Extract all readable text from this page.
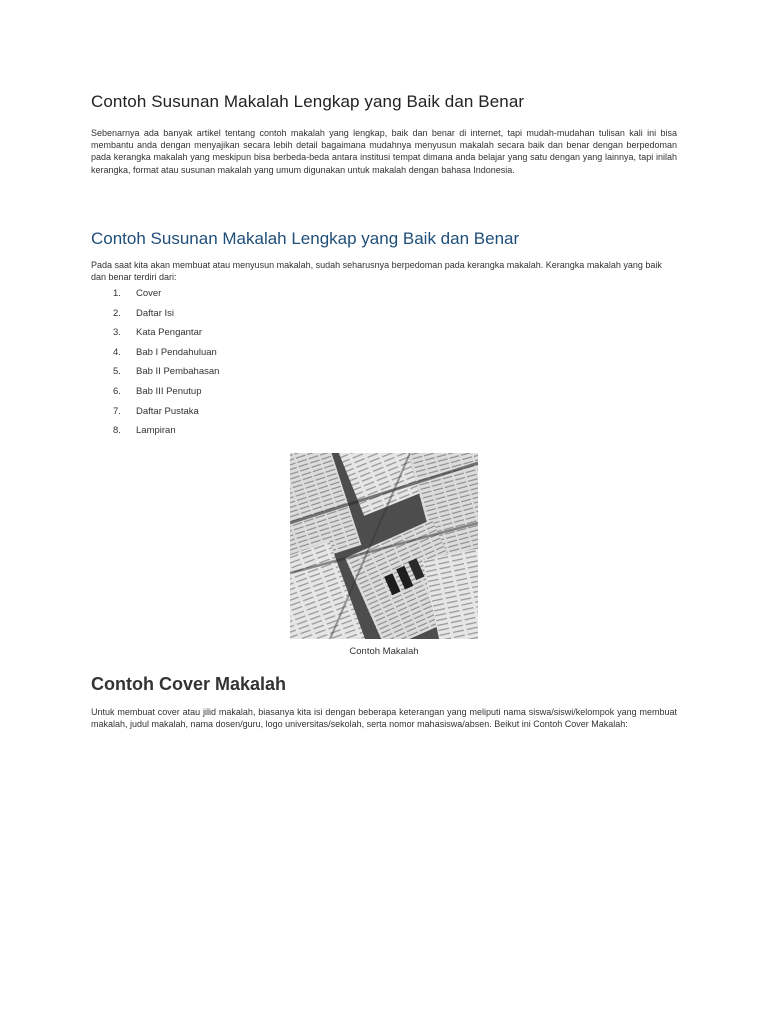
Contoh Susunan Makalah Lengkap yang Baik dan Benar

Sebenarnya ada banyak artikel tentang contoh makalah yang lengkap, baik dan benar di internet, tapi mudah-mudahan tulisan kali ini bisa membantu anda dengan menyajikan secara lebih detail bagaimana mudahnya menyusun makalah secara baik dan benar dengan berpedoman pada kerangka makalah yang meskipun bisa berbeda-beda antara institusi tempat dimana anda belajar yang satu dengan yang lainnya, tapi inilah kerangka, format atau susunan makalah yang umum digunakan untuk makalah dengan bahasa Indonesia.

Contoh Susunan Makalah Lengkap yang Baik dan Benar

Pada saat kita akan membuat atau menyusun makalah, sudah seharusnya berpedoman pada kerangka makalah. Kerangka makalah yang baik dan benar terdiri dari:

1.	Cover
2.	Daftar Isi
3.	Kata Pengantar
4.	Bab I Pendahuluan
5.	Bab II Pembahasan
6.	Bab III Penutup
7.	Daftar Pustaka
8.	Lampiran
Contoh Makalah
Contoh Cover Makalah

Untuk membuat cover atau jilid makalah, biasanya kita isi dengan beberapa keterangan yang meliputi nama siswa/siswi/kelompok yang membuat makalah, judul makalah, nama dosen/guru, logo universitas/sekolah, serta nomor mahasiswa/absen. Beikut ini Contoh Cover Makalah:
